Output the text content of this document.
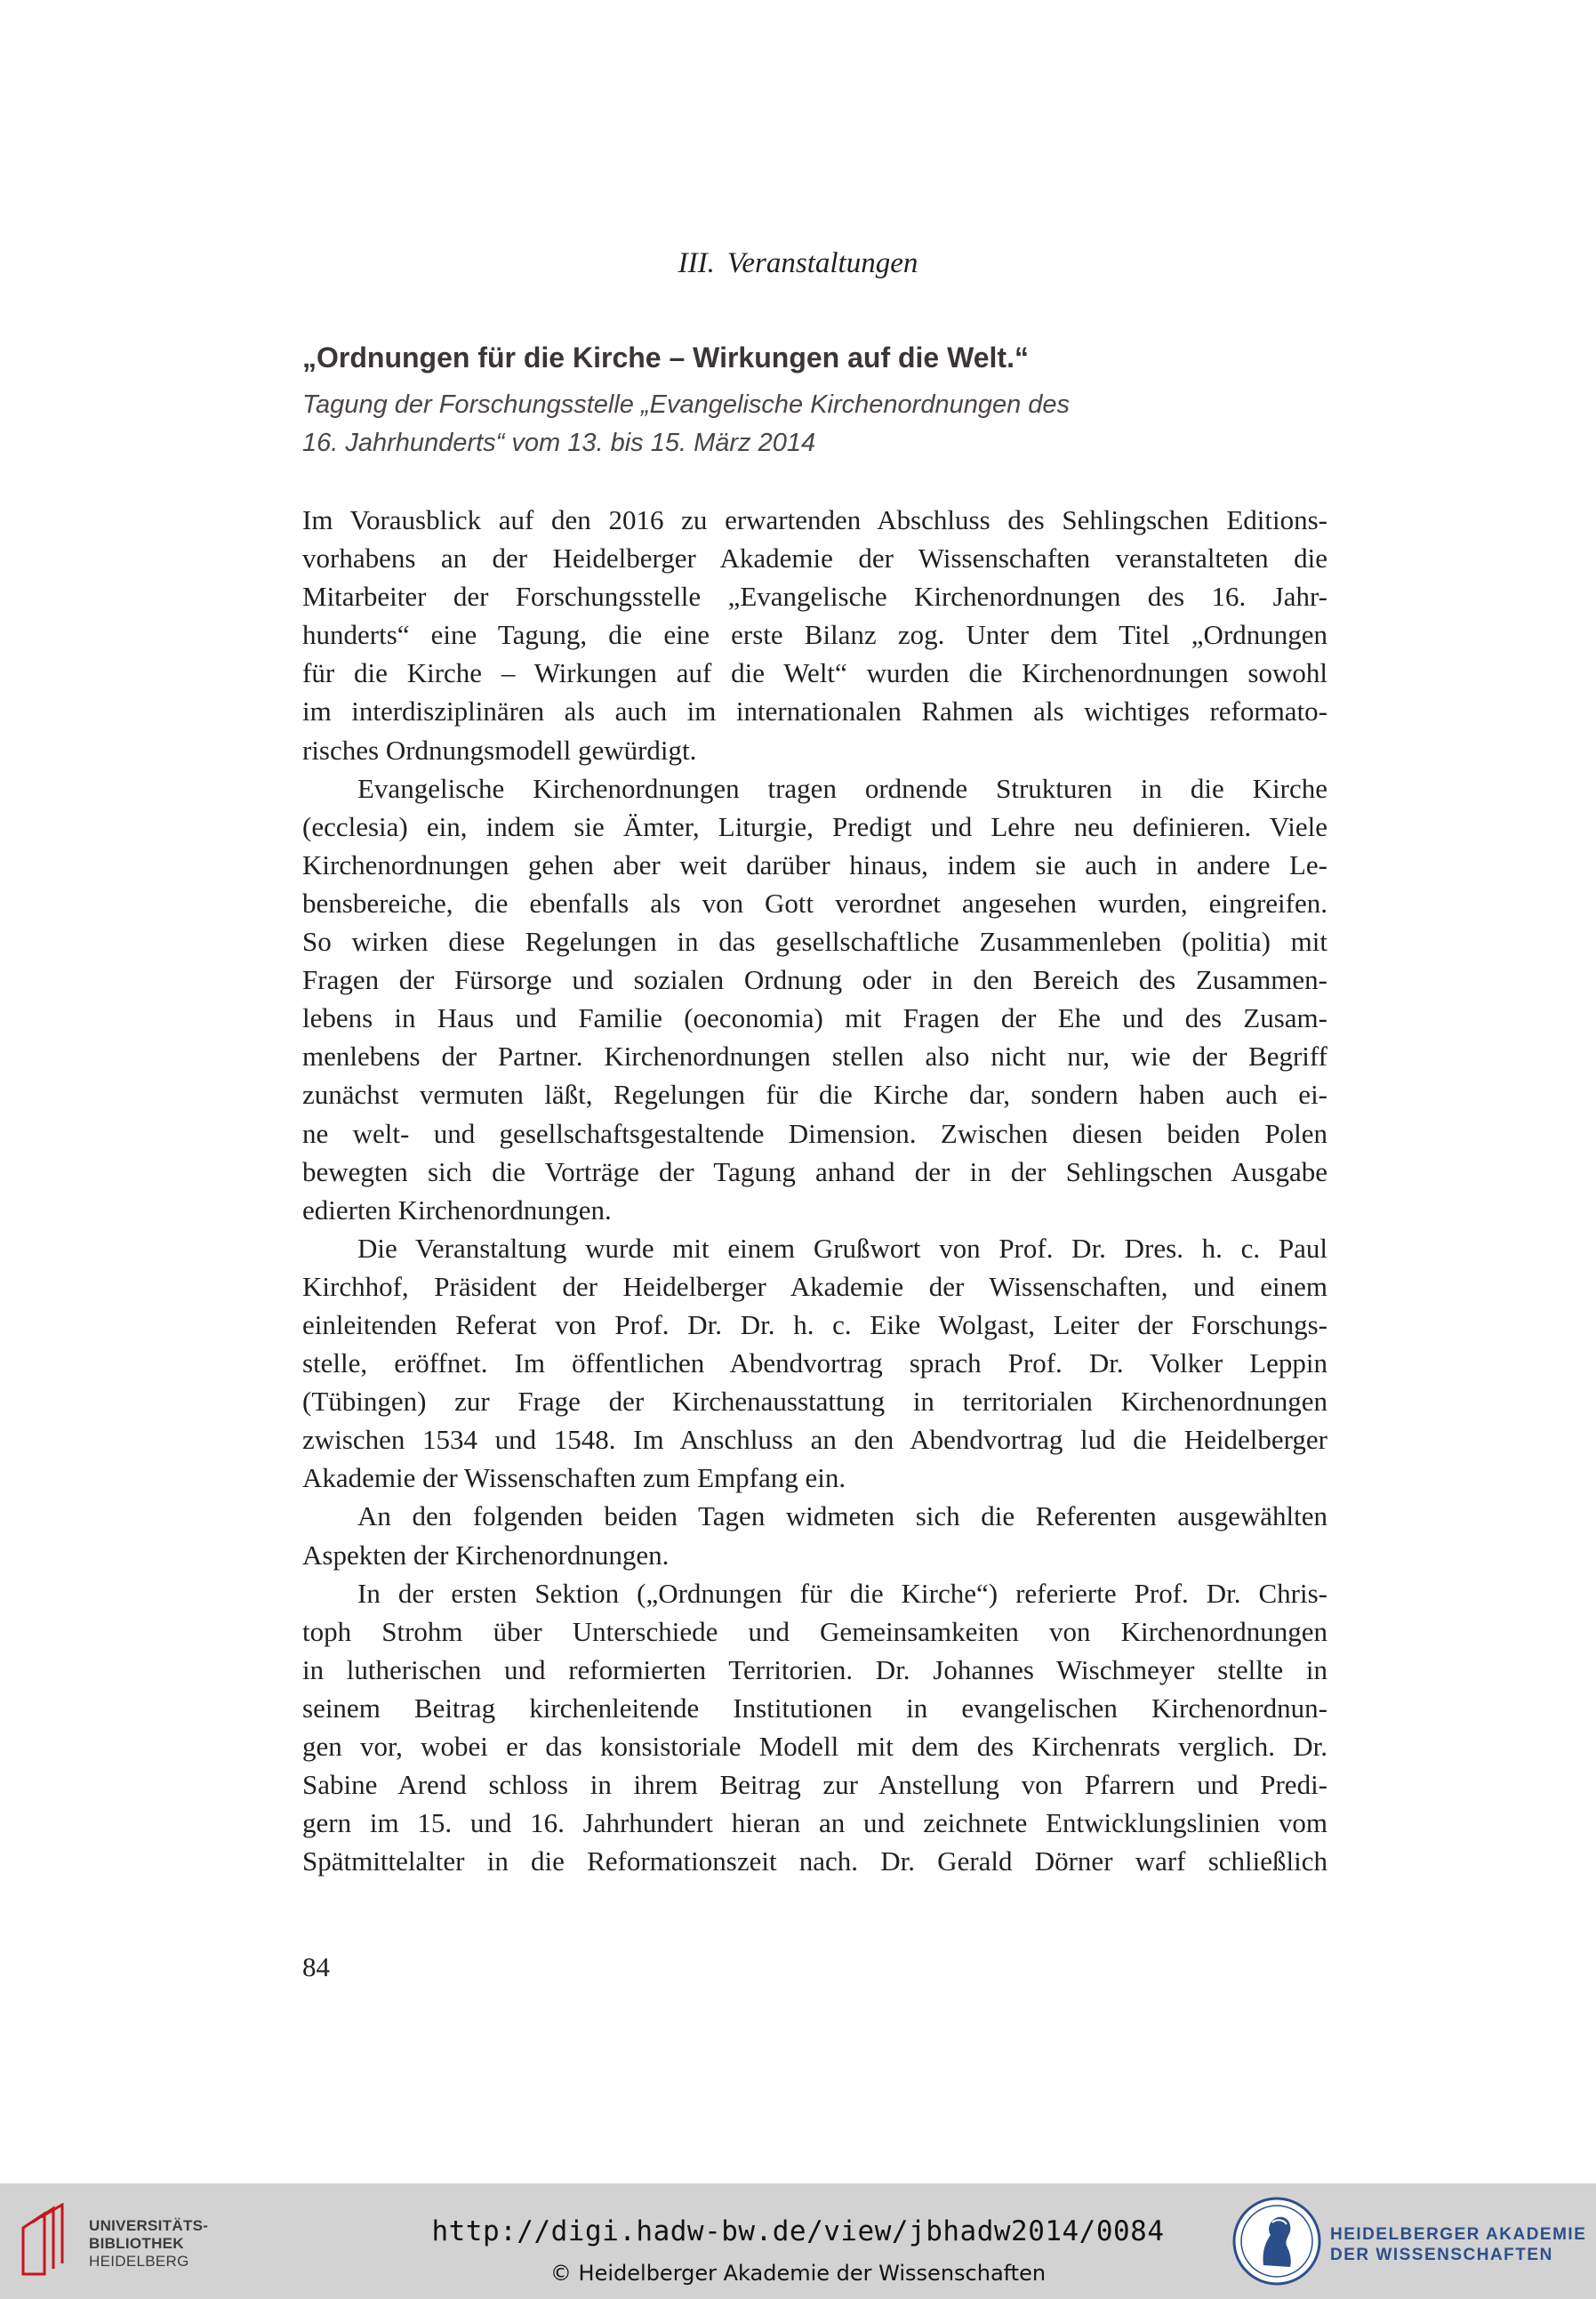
III. Veranstaltungen
„Ordnungen für die Kirche – Wirkungen auf die Welt.“
Tagung der Forschungsstelle „Evangelische Kirchenordnungen des
16. Jahrhunderts“ vom 13. bis 15. März 2014
Im Vorausblick auf den 2016 zu erwartenden Abschluss des Sehlingschen Editions-
vorhabens an der Heidelberger Akademie der Wissenschaften veranstalteten die
Mitarbeiter der Forschungsstelle „Evangelische Kirchenordnungen des 16. Jahr-
hunderts“ eine Tagung, die eine erste Bilanz zog. Unter dem Titel „Ordnungen
für die Kirche – Wirkungen auf die Welt“ wurden die Kirchenordnungen sowohl
im interdisziplinären als auch im internationalen Rahmen als wichtiges reformato-
risches Ordnungsmodell gewürdigt.
Evangelische Kirchenordnungen tragen ordnende Strukturen in die Kirche
(ecclesia) ein, indem sie Ämter, Liturgie, Predigt und Lehre neu definieren. Viele
Kirchenordnungen gehen aber weit darüber hinaus, indem sie auch in andere Le-
bensbereiche, die ebenfalls als von Gott verordnet angesehen wurden, eingreifen.
So wirken diese Regelungen in das gesellschaftliche Zusammenleben (politia) mit
Fragen der Fürsorge und sozialen Ordnung oder in den Bereich des Zusammen-
lebens in Haus und Familie (oeconomia) mit Fragen der Ehe und des Zusam-
menlebens der Partner. Kirchenordnungen stellen also nicht nur, wie der Begriff
zunächst vermuten läßt, Regelungen für die Kirche dar, sondern haben auch ei-
ne welt- und gesellschaftsgestaltende Dimension. Zwischen diesen beiden Polen
bewegten sich die Vorträge der Tagung anhand der in der Sehlingschen Ausgabe
edierten Kirchenordnungen.
Die Veranstaltung wurde mit einem Grußwort von Prof. Dr. Dres. h. c. Paul
Kirchhof, Präsident der Heidelberger Akademie der Wissenschaften, und einem
einleitenden Referat von Prof. Dr. Dr. h. c. Eike Wolgast, Leiter der Forschungs-
stelle, eröffnet. Im öffentlichen Abendvortrag sprach Prof. Dr. Volker Leppin
(Tübingen) zur Frage der Kirchenausstattung in territorialen Kirchenordnungen
zwischen 1534 und 1548. Im Anschluss an den Abendvortrag lud die Heidelberger
Akademie der Wissenschaften zum Empfang ein.
An den folgenden beiden Tagen widmeten sich die Referenten ausgewählten
Aspekten der Kirchenordnungen.
In der ersten Sektion („Ordnungen für die Kirche“) referierte Prof. Dr. Chris-
toph Strohm über Unterschiede und Gemeinsamkeiten von Kirchenordnungen
in lutherischen und reformierten Territorien. Dr. Johannes Wischmeyer stellte in
seinem Beitrag kirchenleitende Institutionen in evangelischen Kirchenordnun-
gen vor, wobei er das konsistoriale Modell mit dem des Kirchenrats verglich. Dr.
Sabine Arend schloss in ihrem Beitrag zur Anstellung von Pfarrern und Predi-
gern im 15. und 16. Jahrhundert hieran an und zeichnete Entwicklungslinien vom
Spätmittelalter in die Reformationszeit nach. Dr. Gerald Dörner warf schließlich
84
UNIVERSITÄTS-
BIBLIOTHEK
HEIDELBERG
http://digi.hadw-bw.de/view/jbhadw2014/0084
© Heidelberger Akademie der Wissenschaften
HEIDELBERGER AKADEMIE
DER WISSENSCHAFTEN
